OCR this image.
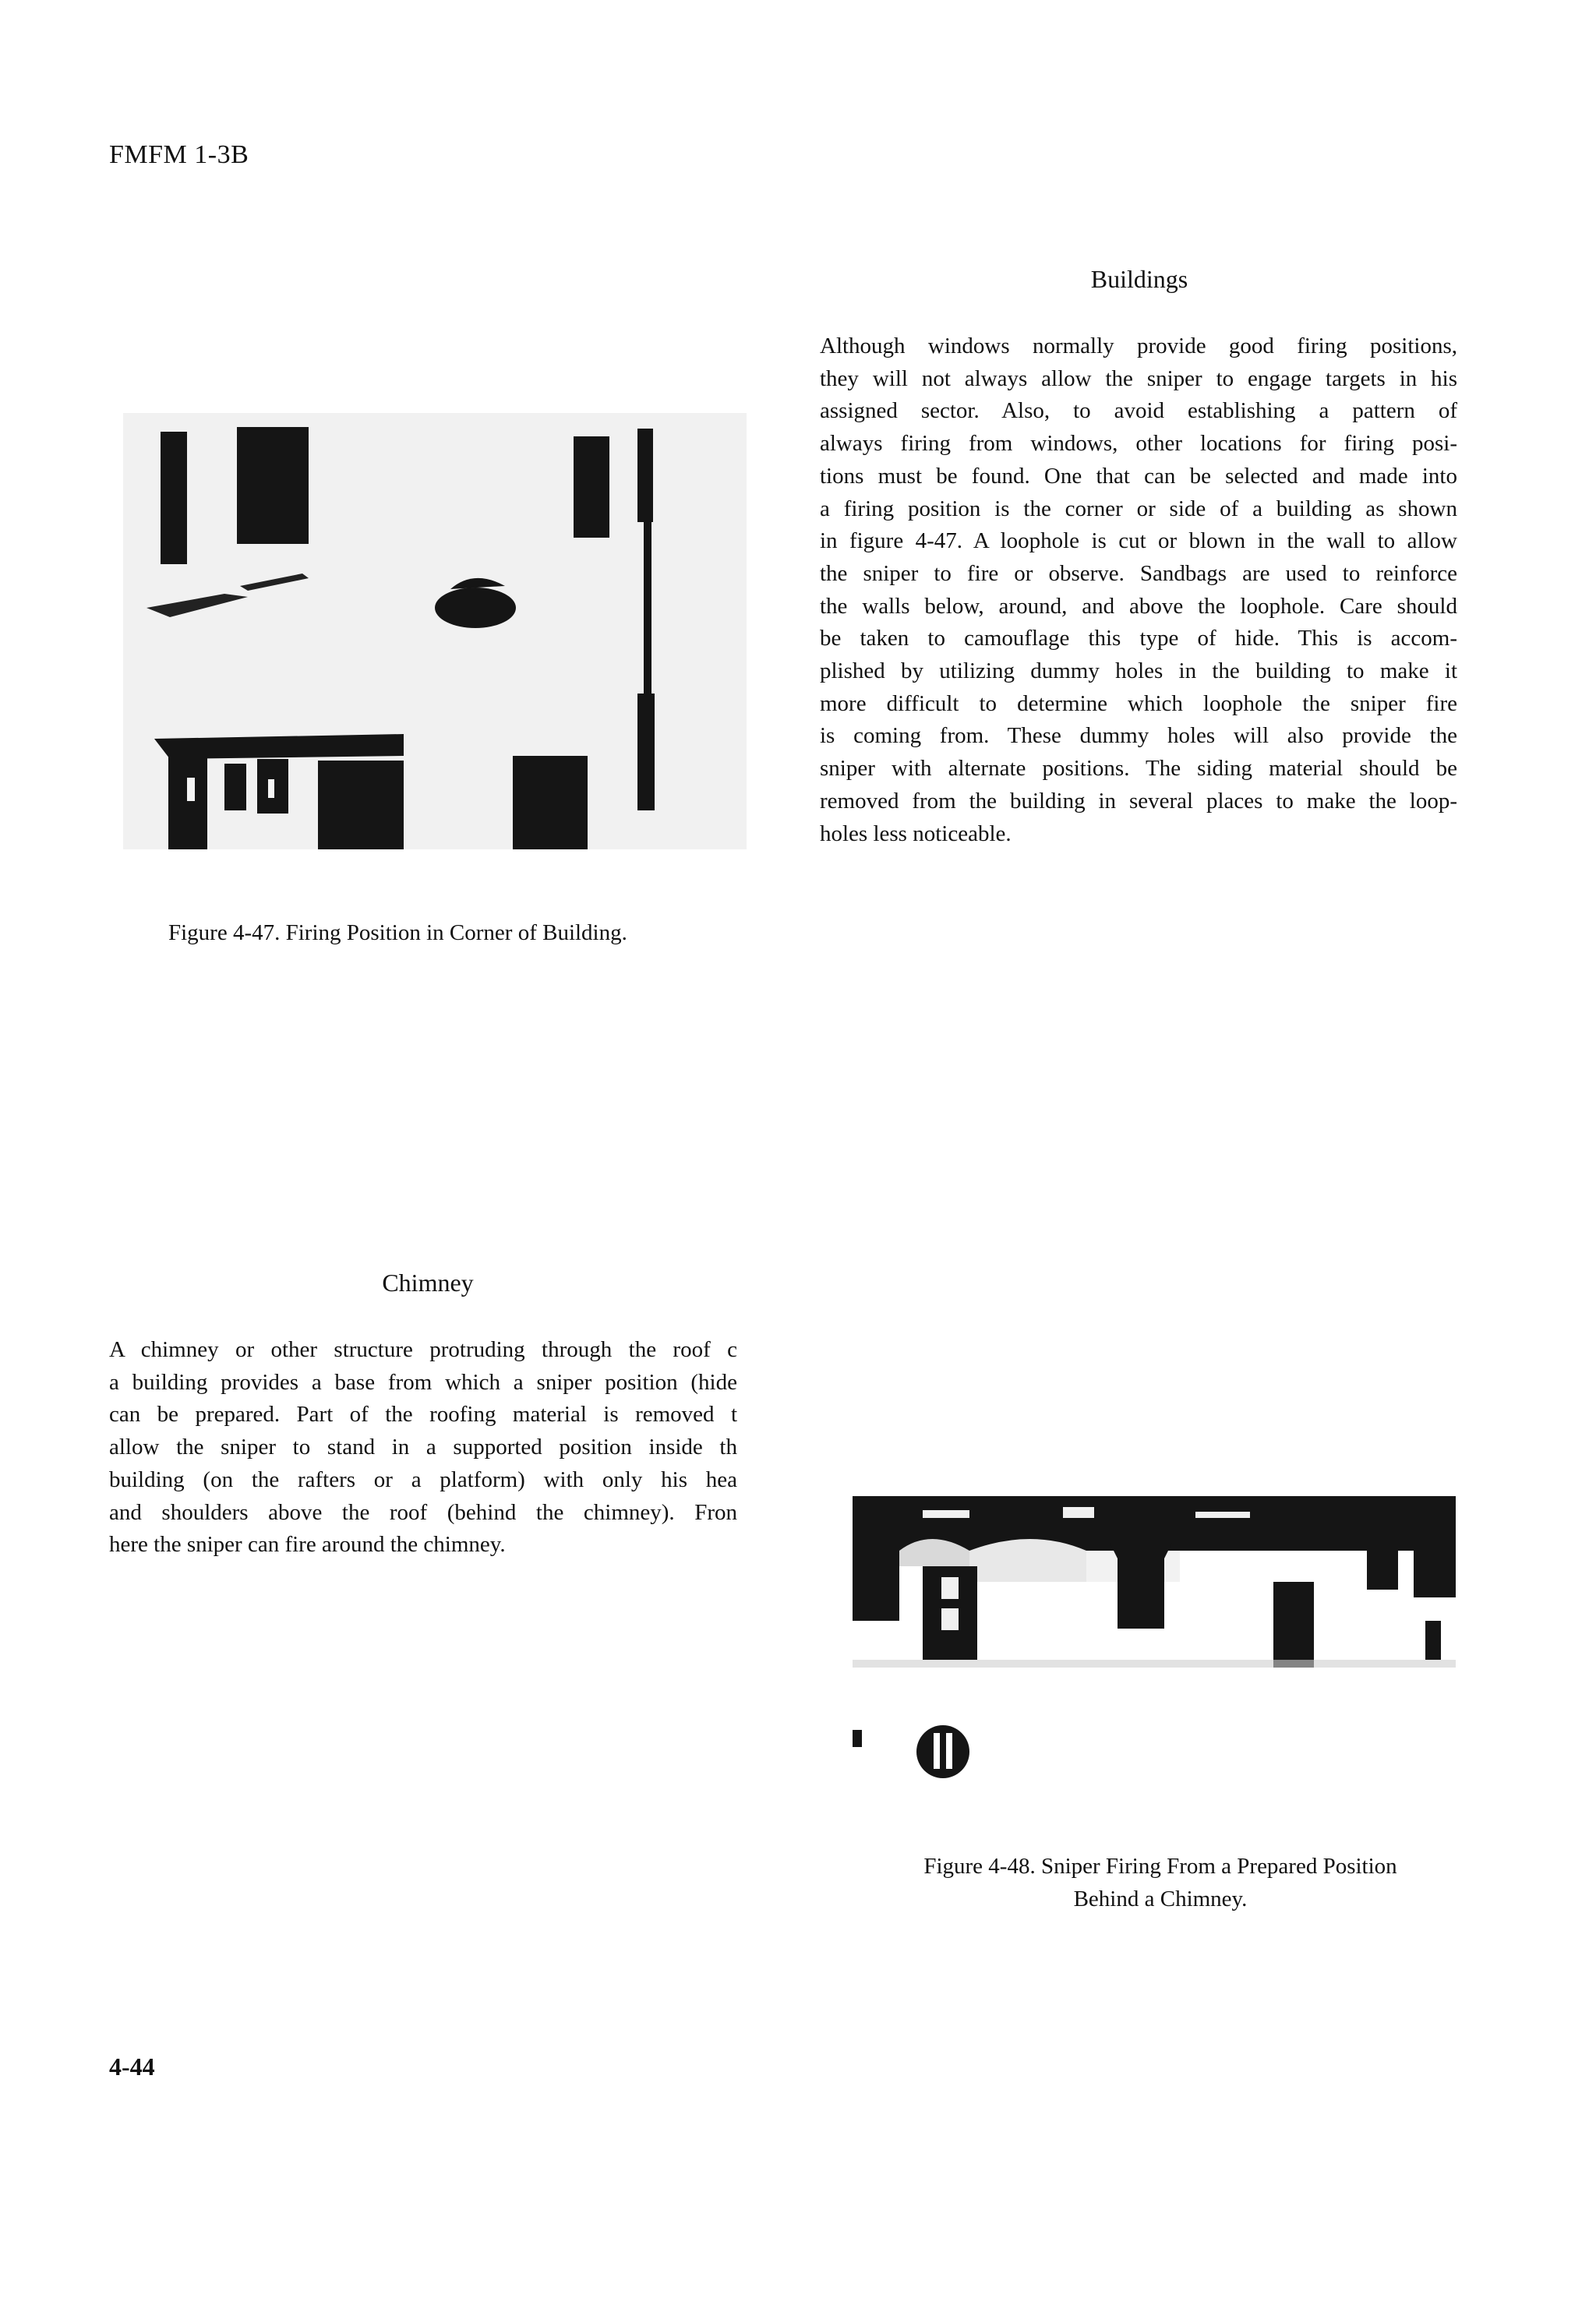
FMFM 1-3B
Buildings
Although windows normally provide good firing positions,
they will not always allow the sniper to engage targets in his
assigned sector. Also, to avoid establishing a pattern of
always firing from windows, other locations for firing posi-
tions must be found. One that can be selected and made into
a firing position is the corner or side of a building as shown
in figure 4-47. A loophole is cut or blown in the wall to allow
the sniper to fire or observe. Sandbags are used to reinforce
the walls below, around, and above the loophole. Care should
be taken to camouflage this type of hide. This is accom-
plished by utilizing dummy holes in the building to make it
more difficult to determine which loophole the sniper fire
is coming from. These dummy holes will also provide the
sniper with alternate positions. The siding material should be
removed from the building in several places to make the loop-
holes less noticeable.
Figure 4-47. Firing Position in Corner of Building.
Chimney
A chimney or other structure protruding through the roof c
a building provides a base from which a sniper position (hide
can be prepared. Part of the roofing material is removed t
allow the sniper to stand in a supported position inside th
building (on the rafters or a platform) with only his hea
and shoulders above the roof (behind the chimney). Fron
here the sniper can fire around the chimney.
Figure 4-48. Sniper Firing From a Prepared Position
Behind a Chimney.
4-44
